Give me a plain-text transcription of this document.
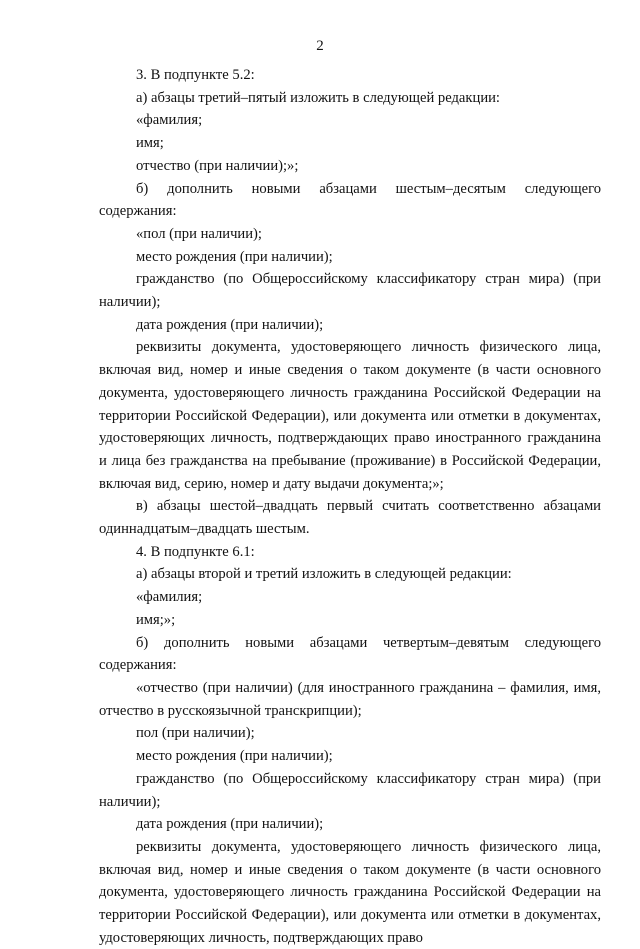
2

3. В подпункте 5.2:

а) абзацы третий–пятый изложить в следующей редакции:

«фамилия;

имя;

отчество (при наличии);»;

б) дополнить новыми абзацами шестым–десятым следующего содержания:

«пол (при наличии);

место рождения (при наличии);

гражданство (по Общероссийскому классификатору стран мира) (при наличии);

дата рождения (при наличии);

реквизиты документа, удостоверяющего личность физического лица, включая вид, номер и иные сведения о таком документе (в части основного документа, удостоверяющего личность гражданина Российской Федерации на территории Российской Федерации), или документа или отметки в документах, удостоверяющих личность, подтверждающих право иностранного гражданина и лица без гражданства на пребывание (проживание) в Российской Федерации, включая вид, серию, номер и дату выдачи документа;»;

в) абзацы шестой–двадцать первый считать соответственно абзацами одиннадцатым–двадцать шестым.

4. В подпункте 6.1:

а) абзацы второй и третий изложить в следующей редакции:

«фамилия;

имя;»;

б) дополнить новыми абзацами четвертым–девятым следующего содержания:

«отчество (при наличии) (для иностранного гражданина – фамилия, имя, отчество в русскоязычной транскрипции);

пол (при наличии);

место рождения (при наличии);

гражданство (по Общероссийскому классификатору стран мира) (при наличии);

дата рождения (при наличии);

реквизиты документа, удостоверяющего личность физического лица, включая вид, номер и иные сведения о таком документе (в части основного документа, удостоверяющего личность гражданина Российской Федерации на территории Российской Федерации), или документа или отметки в документах, удостоверяющих личность, подтверждающих право
